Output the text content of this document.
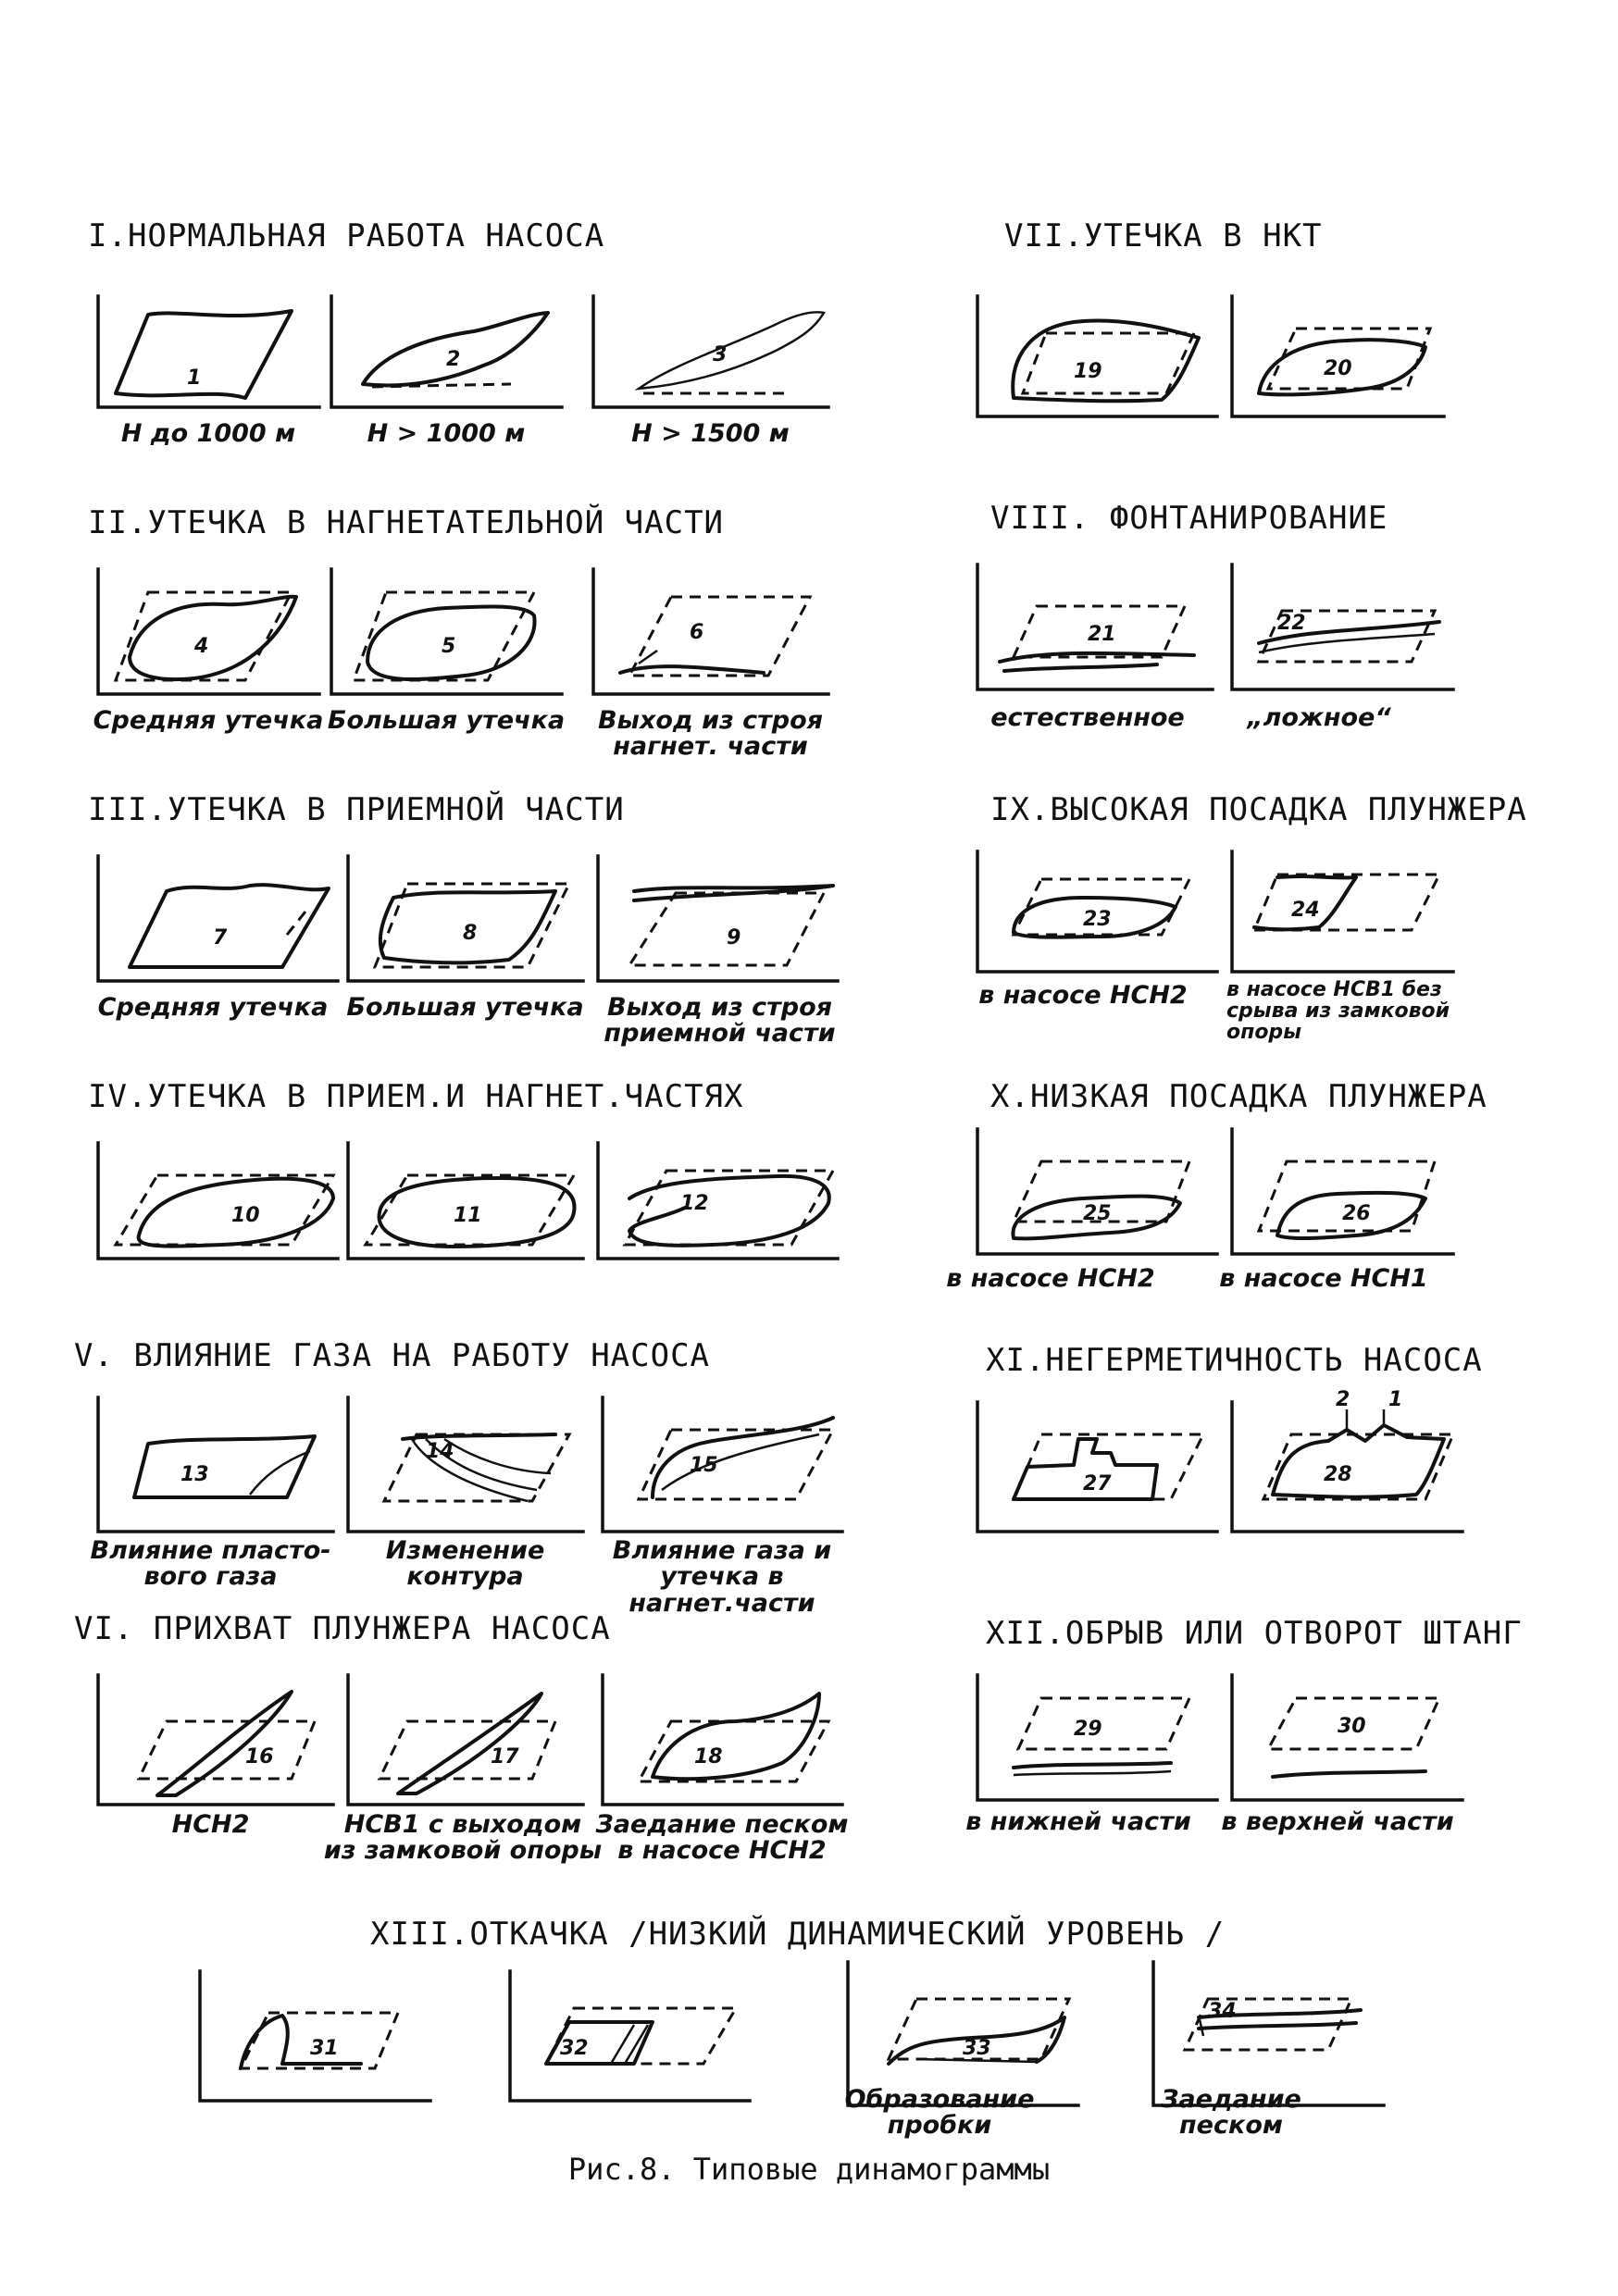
I.НОРМАЛЬНАЯ РАБОТА НАСОСА
1
H до 1000 м
2
H > 1000 м
3
H > 1500 м
II.УТЕЧКА В НАГНЕТАТЕЛЬНОЙ ЧАСТИ
4
Средняя утечка
5
Большая утечка
6
Выход из строя
нагнет. части
III.УТЕЧКА В ПРИЕМНОЙ ЧАСТИ
7
Средняя утечка
8
Большая утечка
9
Выход из строя
приемной части
IV.УТЕЧКА В ПРИЕМ.И НАГНЕТ.ЧАСТЯХ
10	11
12
V. ВЛИЯНИЕ ГАЗА НА РАБОТУ НАСОСА
13
Влияние пласто-
вого газа
14
Изменение
контура
15
Влияние газа и
утечка в нагнет.части
VI. ПРИХВАТ ПЛУНЖЕРА НАСОСА
16
НСН2
17
НСВ1 с выходом
из замковой опоры
18
Заедание песком
в насосе НСН2
VII.УТЕЧКА В НКТ
19	20
VIII. ФОНТАНИРОВАНИЕ
21
естественное
22
„ложное“
IX.ВЫСОКАЯ ПОСАДКА ПЛУНЖЕРА
23
в насосе НСН2
24
в насосе НСВ1 без
срыва из замковой опоры
X.НИЗКАЯ ПОСАДКА ПЛУНЖЕРА
25
в насосе НСН2
26
в насосе НСН1
XI.НЕГЕРМЕТИЧНОСТЬ НАСОСА
27
2 1
28
XII.ОБРЫВ ИЛИ ОТВОРОТ ШТАНГ
29
в нижней части
30
в верхней части
XIII.ОТКАЧКА /НИЗКИЙ ДИНАМИЧЕСКИЙ УРОВЕНЬ /
31	32	33
Образование
пробки
34
Заедание
песком
Рис.8. Типовые динамограммы
